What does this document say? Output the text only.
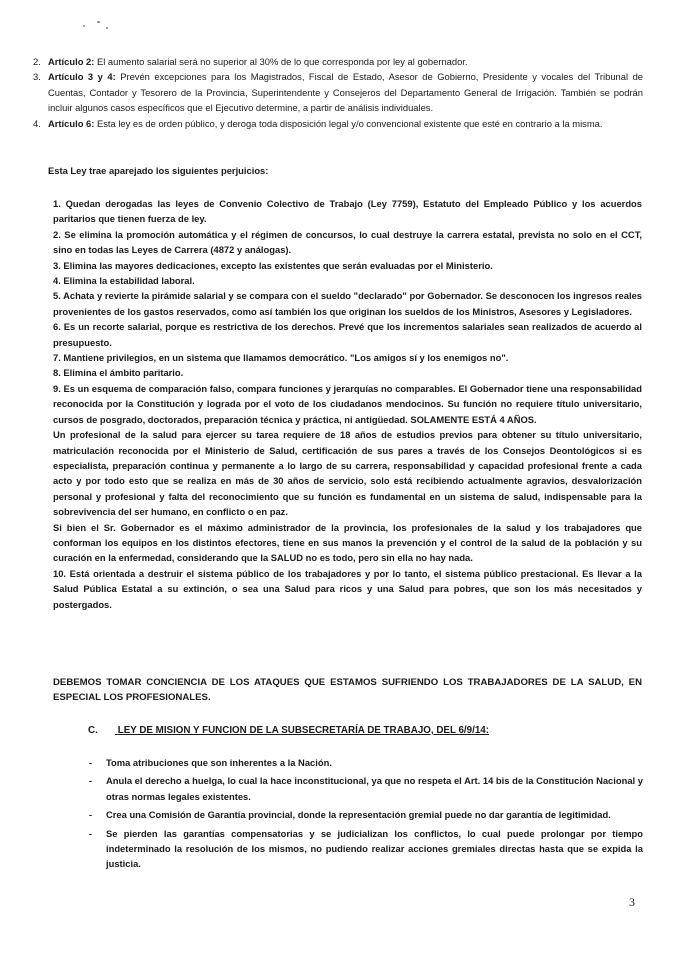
2. Artículo 2: El aumento salarial será no superior al 30% de lo que corresponda por ley al gobernador.
3. Artículo 3 y 4: Prevén excepciones para los Magistrados, Fiscal de Estado, Asesor de Gobierno, Presidente y vocales del Tribunal de Cuentas, Contador y Tesorero de la Provincia, Superintendente y Consejeros del Departamento General de Irrigación. También se podrán incluir algunos casos específicos que el Ejecutivo determine, a partir de análisis individuales.
4. Artículo 6: Esta ley es de orden público, y deroga toda disposición legal y/o convencional existente que esté en contrario a la misma.
Esta Ley trae aparejado los siguientes perjuicios:

1. Quedan derogadas las leyes de Convenio Colectivo de Trabajo (Ley 7759), Estatuto del Empleado Público y los acuerdos paritarios que tienen fuerza de ley.

2. Se elimina la promoción automática y el régimen de concursos, lo cual destruye la carrera estatal, prevista no solo en el CCT, sino en todas las Leyes de Carrera (4872 y análogas).

3. Elimina las mayores dedicaciones, excepto las existentes que serán evaluadas por el Ministerio.

4. Elimina la estabilidad laboral.

5. Achata y revierte la pirámide salarial y se compara con el sueldo "declarado" por Gobernador. Se desconocen los ingresos reales provenientes de los gastos reservados, como así también los que originan los sueldos de los Ministros, Asesores y Legisladores.

6. Es un recorte salarial, porque es restrictiva de los derechos. Prevé que los incrementos salariales sean realizados de acuerdo al presupuesto.

7. Mantiene privilegios, en un sistema que llamamos democrático. "Los amigos sí y los enemigos no".

8. Elimina el ámbito paritario.

9. Es un esquema de comparación falso, compara funciones y jerarquías no comparables. El Gobernador tiene una responsabilidad reconocida por la Constitución y lograda por el voto de los ciudadanos mendocinos. Su función no requiere título universitario, cursos de posgrado, doctorados, preparación técnica y práctica, ni antigüedad. SOLAMENTE ESTÁ 4 AÑOS.

Un profesional de la salud para ejercer su tarea requiere de 18 años de estudios previos para obtener su título universitario, matriculación reconocida por el Ministerio de Salud, certificación de sus pares a través de los Consejos Deontológicos si es especialista, preparación continua y permanente a lo largo de su carrera, responsabilidad y capacidad profesional frente a cada acto y por todo esto que se realiza en más de 30 años de servicio, solo está recibiendo actualmente agravios, desvalorización personal y profesional y falta del reconocimiento que su función es fundamental en un sistema de salud, indispensable para la sobrevivencia del ser humano, en conflicto o en paz.

Si bien el Sr. Gobernador es el máximo administrador de la provincia, los profesionales de la salud y los trabajadores que conforman los equipos en los distintos efectores, tiene en sus manos la prevención y el control de la salud de la población y su curación en la enfermedad, considerando que la SALUD no es todo, pero sin ella no hay nada.

10. Está orientada a destruir el sistema público de los trabajadores y por lo tanto, el sistema público prestacional. Es llevar a la Salud Pública Estatal a su extinción, o sea una Salud para ricos y una Salud para pobres, que son los más necesitados y postergados.

DEBEMOS TOMAR CONCIENCIA DE LOS ATAQUES QUE ESTAMOS SUFRIENDO LOS TRABAJADORES DE LA SALUD, EN ESPECIAL LOS PROFESIONALES.
C. LEY DE MISION Y FUNCION DE LA SUBSECRETARÍA DE TRABAJO, DEL 6/9/14:
-	Toma atribuciones que son inherentes a la Nación.
-	Anula el derecho a huelga, lo cual la hace inconstitucional, ya que no respeta el Art. 14 bis de la Constitución Nacional y otras normas legales existentes.
-	Crea una Comisión de Garantía provincial, donde la representación gremial puede no dar garantía de legitimidad.
-	Se pierden las garantías compensatorias y se judicializan los conflictos, lo cual puede prolongar por tiempo indeterminado la resolución de los mismos, no pudiendo realizar acciones gremiales directas hasta que se expida la justicia.
3
